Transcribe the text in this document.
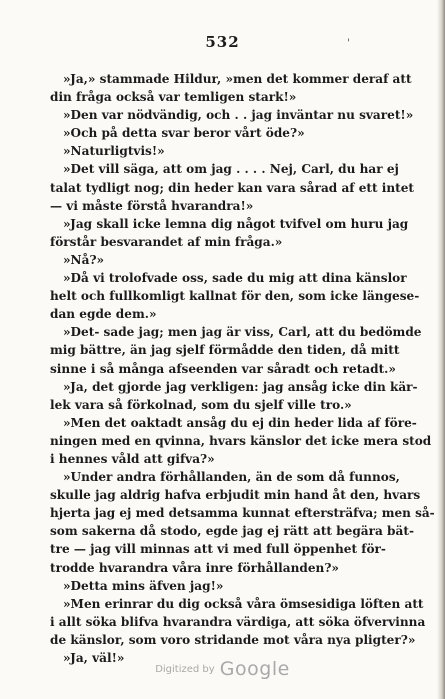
532	'
»Ja,» stammade Hildur, »men det kommer deraf att
din fråga också var temligen stark!»
»Den var nödvändig, och . . jag inväntar nu svaret!»
»Och på detta svar beror vårt öde?»
»Naturligtvis!»
»Det vill säga, att om jag . . . . Nej, Carl, du har ej
talat tydligt nog; din heder kan vara sårad af ett intet
— vi måste förstå hvarandra!»
»Jag skall icke lemna dig något tvifvel om huru jag
förstår besvarandet af min fråga.»
»Nå?»
»Då vi trolofvade oss, sade du mig att dina känslor
helt och fullkomligt kallnat för den, som icke längese-
dan egde dem.»
»Det- sade jag; men jag är viss, Carl, att du bedömde
mig bättre, än jag sjelf förmådde den tiden, då mitt
sinne i så många afseenden var såradt och retadt.»
»Ja, det gjorde jag verkligen: jag ansåg icke din kär-
lek vara så förkolnad, som du sjelf ville tro.»
»Men det oaktadt ansåg du ej din heder lida af före-
ningen med en qvinna, hvars känslor det icke mera stod
i hennes våld att gifva?»
»Under andra förhållanden, än de som då funnos,
skulle jag aldrig hafva erbjudit min hand åt den, hvars
hjerta jag ej med detsamma kunnat eftersträfva; men så-
som sakerna då stodo, egde jag ej rätt att begära bät-
tre — jag vill minnas att vi med full öppenhet för-
trodde hvarandra våra inre förhållanden?»
»Detta mins äfven jag!»
»Men erinrar du dig också våra ömsesidiga löften att
i allt söka blifva hvarandra värdiga, att söka öfvervinna
de känslor, som voro stridande mot våra nya pligter?»
»Ja, väl!»
Digitized by Google
